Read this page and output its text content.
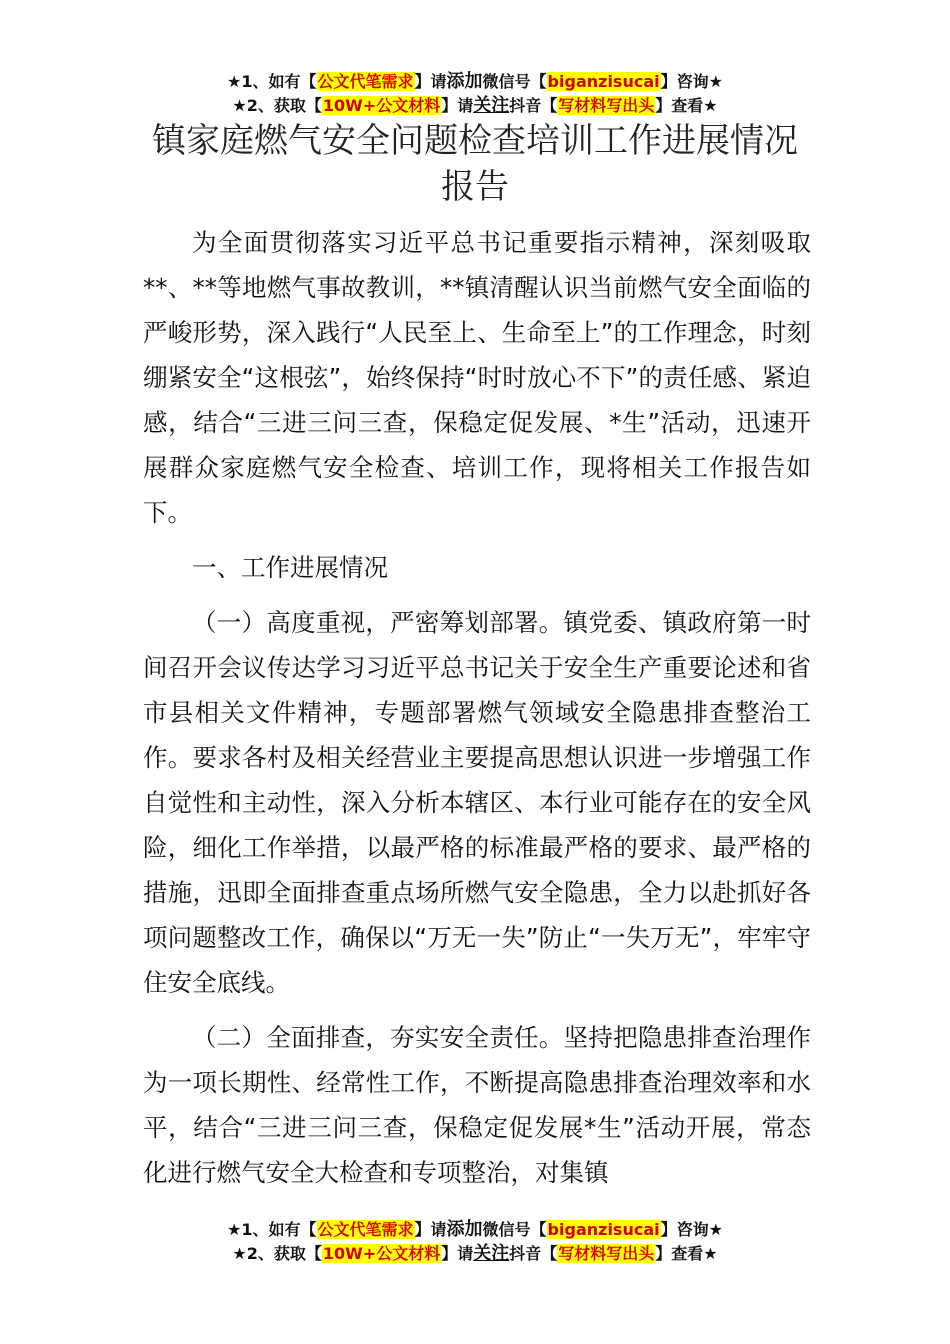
★1、如有【公文代笔需求】请添加微信号【biganzisucai】咨询★
★2、获取【10W+公文材料】请关注抖音【写材料写出头】查看★
镇家庭燃气安全问题检查培训工作进展情况报告

为全面贯彻落实习近平总书记重要指示精神，深刻吸取**、**等地燃气事故教训，**镇清醒认识当前燃气安全面临的严峻形势，深入践行“人民至上、生命至上”的工作理念，时刻绷紧安全“这根弦”，始终保持“时时放心不下”的责任感、紧迫感，结合“三进三问三查，保稳定促发展、*生”活动，迅速开展群众家庭燃气安全检查、培训工作，现将相关工作报告如下。

一、工作进展情况

（一）高度重视，严密筹划部署。镇党委、镇政府第一时间召开会议传达学习习近平总书记关于安全生产重要论述和省市县相关文件精神，专题部署燃气领域安全隐患排查整治工作。要求各村及相关经营业主要提高思想认识进一步增强工作自觉性和主动性，深入分析本辖区、本行业可能存在的安全风险，细化工作举措，以最严格的标准最严格的要求、最严格的措施，迅即全面排查重点场所燃气安全隐患，全力以赴抓好各项问题整改工作，确保以“万无一失”防止“一失万无”，牢牢守住安全底线。

（二）全面排查，夯实安全责任。坚持把隐患排查治理作为一项长期性、经常性工作，不断提高隐患排查治理效率和水平，结合“三进三问三查，保稳定促发展*生”活动开展，常态化进行燃气安全大检查和专项整治，对集镇

★1、如有【公文代笔需求】请添加微信号【biganzisucai】咨询★
★2、获取【10W+公文材料】请关注抖音【写材料写出头】查看★
